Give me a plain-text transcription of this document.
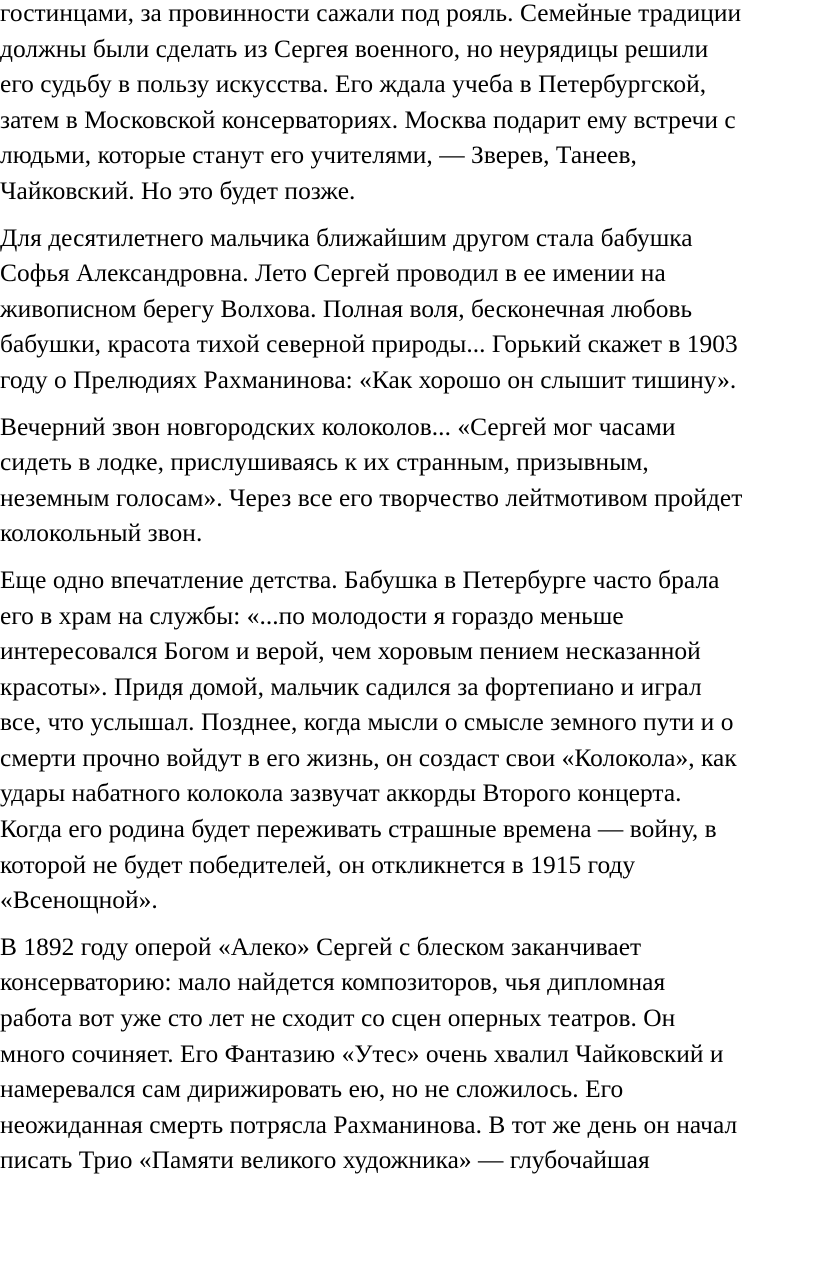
гостинцами, за провинности сажали под рояль. Семейные традиции
должны были сделать из Сергея военного, но неурядицы решили
его судьбу в пользу искусства. Его ждала учеба в Петербургской,
затем в Московской консерваториях. Москва подарит ему встречи с
людьми, которые станут его учителями, — Зверев, Танеев,
Чайковский. Но это будет позже.

Для десятилетнего мальчика ближайшим другом стала бабушка
Софья Александровна. Лето Сергей проводил в ее имении на
живописном берегу Волхова. Полная воля, бесконечная любовь
бабушки, красота тихой северной природы... Горький скажет в 1903
году о Прелюдиях Рахманинова: «Как хорошо он слышит тишину».

Вечерний звон новгородских колоколов... «Сергей мог часами
сидеть в лодке, прислушиваясь к их странным, призывным,
неземным голосам». Через все его творчество лейтмотивом пройдет
колокольный звон.

Еще одно впечатление детства. Бабушка в Петербурге часто брала
его в храм на службы: «...по молодости я гораздо меньше
интересовался Богом и верой, чем хоровым пением несказанной
красоты». Придя домой, мальчик садился за фортепиано и играл
все, что услышал. Позднее, когда мысли о смысле земного пути и о
смерти прочно войдут в его жизнь, он создаст свои «Колокола», как
удары набатного колокола зазвучат аккорды Второго концерта.
Когда его родина будет переживать страшные времена — войну, в
которой не будет победителей, он откликнется в 1915 году
«Всенощной».

В 1892 году оперой «Алеко» Сергей с блеском заканчивает
консерваторию: мало найдется композиторов, чья дипломная
работа вот уже сто лет не сходит со сцен оперных театров. Он
много сочиняет. Его Фантазию «Утес» очень хвалил Чайковский и
намеревался сам дирижировать ею, но не сложилось. Его
неожиданная смерть потрясла Рахманинова. В тот же день он начал
писать Трио «Памяти великого художника» — глубочайшая
